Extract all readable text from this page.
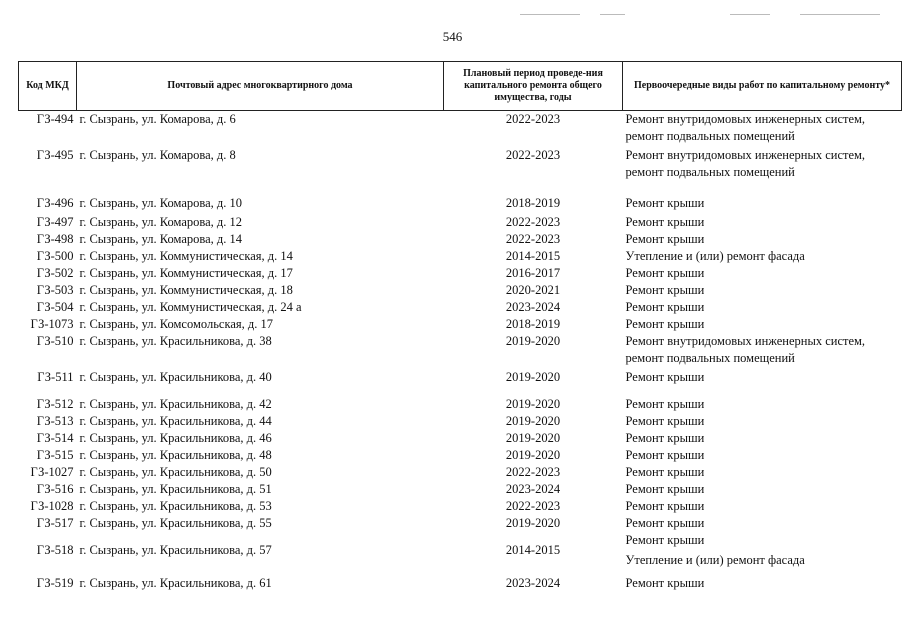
546
Код МКД	Почтовый адрес многоквартирного дома	Плановый период проведе-ния капитального ремонта общего имущества, годы	Первоочередные виды работ по капитальному ремонту*
ГЗ-494	г. Сызрань, ул. Комарова, д. 6	2022-2023	Ремонт внутридомовых инженерных систем,
ремонт подвальных помещений

ГЗ-495	г. Сызрань, ул. Комарова, д. 8	2022-2023	Ремонт внутридомовых инженерных систем,
ремонт подвальных помещений

ГЗ-496	г. Сызрань, ул. Комарова, д. 10	2018-2019	Ремонт крыши

ГЗ-497	г. Сызрань, ул. Комарова, д. 12	2022-2023	Ремонт крыши

ГЗ-498	г. Сызрань, ул. Комарова, д. 14	2022-2023	Ремонт крыши

ГЗ-500	г. Сызрань, ул. Коммунистическая, д. 14	2014-2015	Утепление и (или) ремонт фасада

ГЗ-502	г. Сызрань, ул. Коммунистическая, д. 17	2016-2017	Ремонт крыши

ГЗ-503	г. Сызрань, ул. Коммунистическая, д. 18	2020-2021	Ремонт крыши

ГЗ-504	г. Сызрань, ул. Коммунистическая, д. 24 а	2023-2024	Ремонт крыши

ГЗ-1073	г. Сызрань, ул. Комсомольская, д. 17	2018-2019	Ремонт крыши

ГЗ-510	г. Сызрань, ул. Красильникова, д. 38	2019-2020	Ремонт внутридомовых инженерных систем,
ремонт подвальных помещений

ГЗ-511	г. Сызрань, ул. Красильникова, д. 40	2019-2020	Ремонт крыши

ГЗ-512	г. Сызрань, ул. Красильникова, д. 42	2019-2020	Ремонт крыши

ГЗ-513	г. Сызрань, ул. Красильникова, д. 44	2019-2020	Ремонт крыши

ГЗ-514	г. Сызрань, ул. Красильникова, д. 46	2019-2020	Ремонт крыши

ГЗ-515	г. Сызрань, ул. Красильникова, д. 48	2019-2020	Ремонт крыши

ГЗ-1027	г. Сызрань, ул. Красильникова, д. 50	2022-2023	Ремонт крыши

ГЗ-516	г. Сызрань, ул. Красильникова, д. 51	2023-2024	Ремонт крыши

ГЗ-1028	г. Сызрань, ул. Красильникова, д. 53	2022-2023	Ремонт крыши

ГЗ-517	г. Сызрань, ул. Красильникова, д. 55	2019-2020	Ремонт крыши

ГЗ-518	г. Сызрань, ул. Красильникова, д. 57	2014-2015	Ремонт крыши
Утепление и (или) ремонт фасада

ГЗ-519	г. Сызрань, ул. Красильникова, д. 61	2023-2024	Ремонт крыши
